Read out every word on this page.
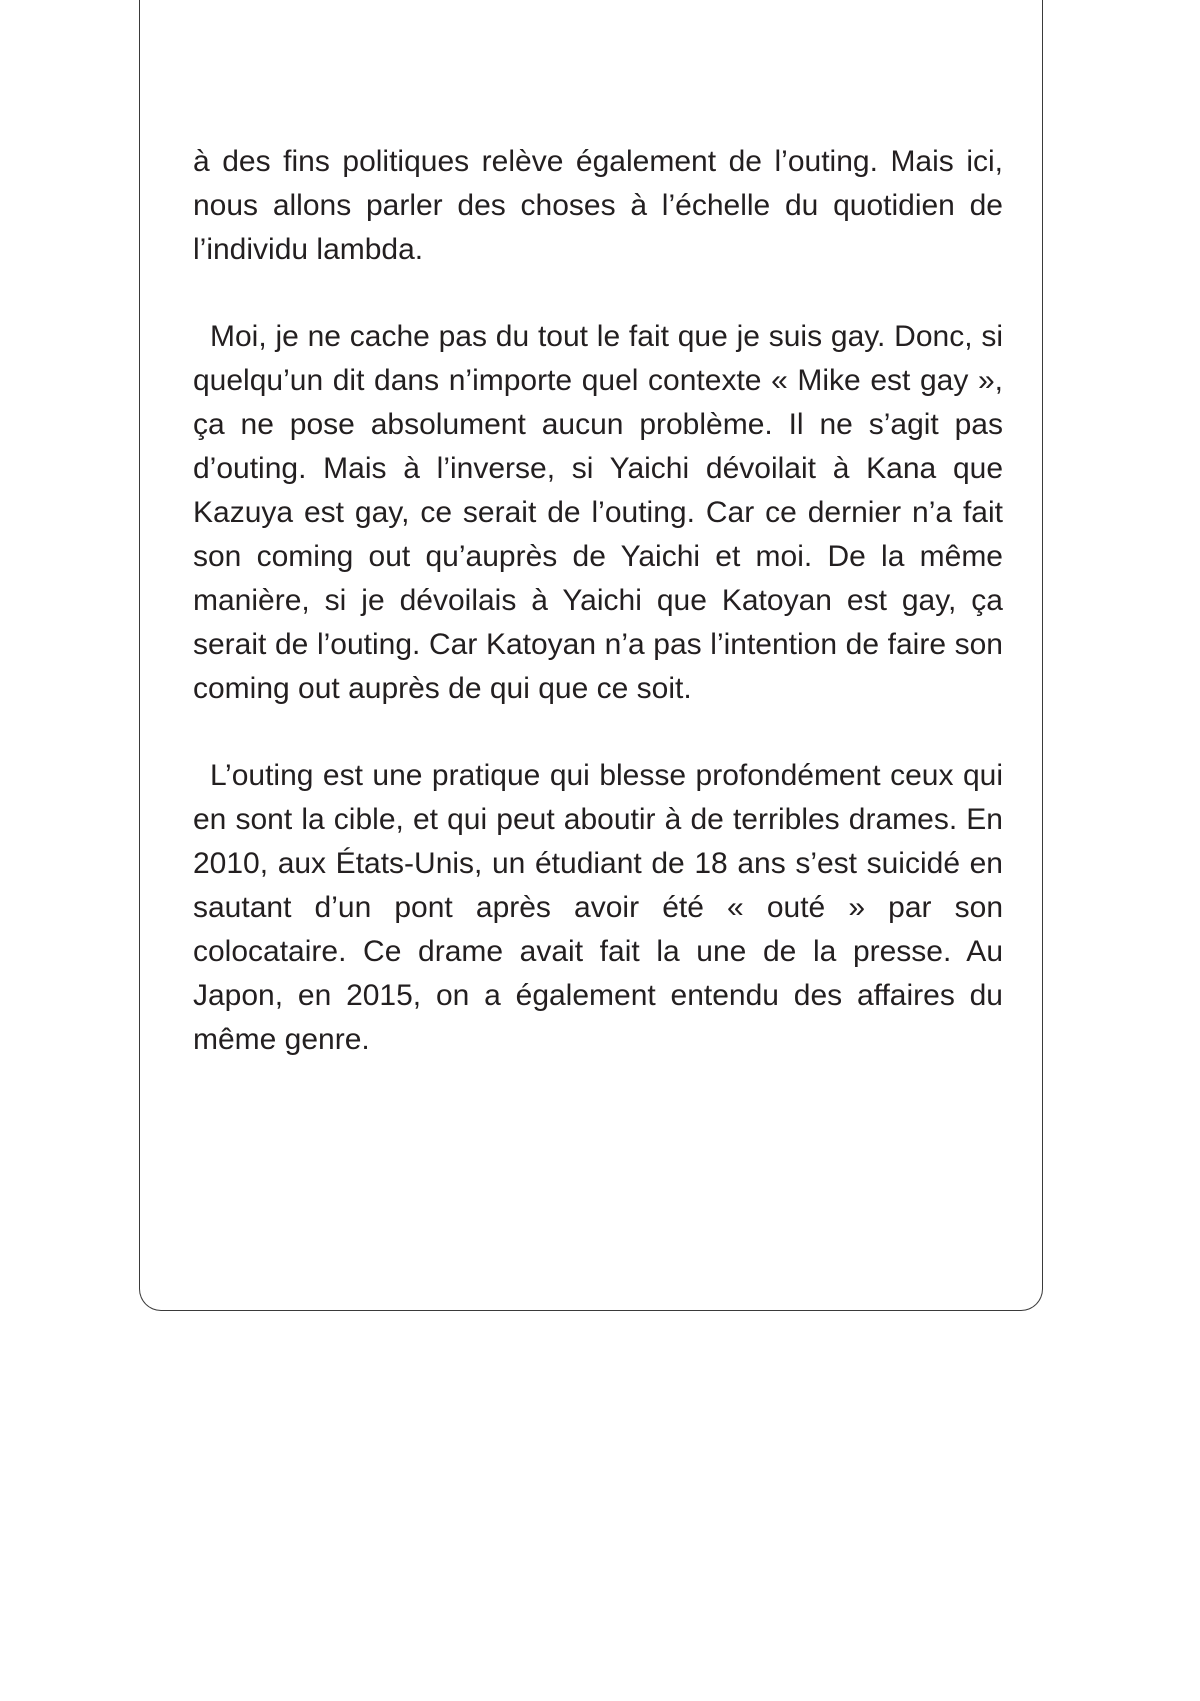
à des fins politiques relève également de l’outing. Mais ici, nous allons parler des choses à l’échelle du quotidien de l’individu lambda.

Moi, je ne cache pas du tout le fait que je suis gay. Donc, si quelqu’un dit dans n’importe quel contexte « Mike est gay », ça ne pose absolument aucun problème. Il ne s’agit pas d’outing. Mais à l’inverse, si Yaichi dévoilait à Kana que Kazuya est gay, ce serait de l’outing. Car ce dernier n’a fait son coming out qu’auprès de Yaichi et moi. De la même manière, si je dévoilais à Yaichi que Katoyan est gay, ça serait de l’outing. Car Katoyan n’a pas l’intention de faire son coming out auprès de qui que ce soit.

L’outing est une pratique qui blesse profondément ceux qui en sont la cible, et qui peut aboutir à de terribles drames. En 2010, aux États-Unis, un étudiant de 18 ans s’est suicidé en sautant d’un pont après avoir été « outé » par son colocataire. Ce drame avait fait la une de la presse. Au Japon, en 2015, on a également entendu des affaires du même genre.
